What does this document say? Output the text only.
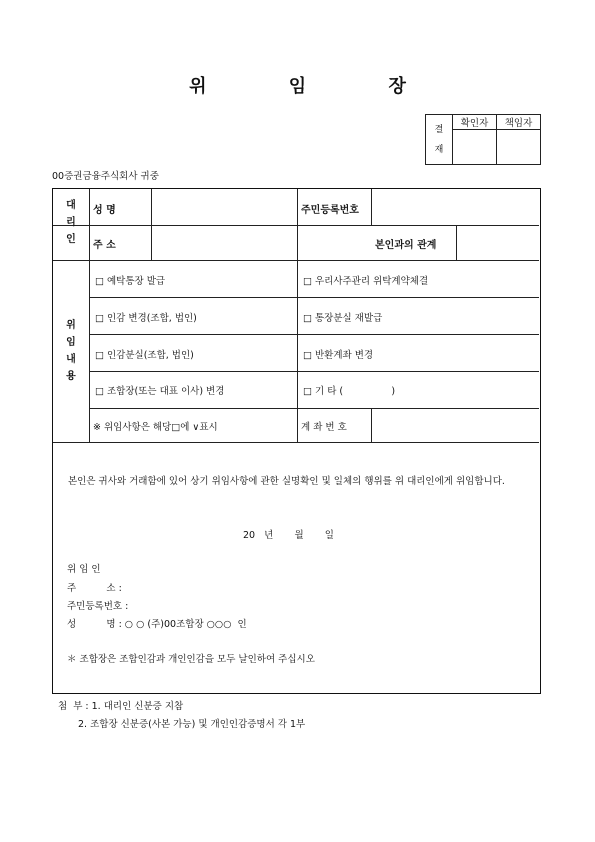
위 임 장
결
재	확인자	책임자

00증권금융주식회사 귀중
대
리
인
성 명	주민등록번호
주 소	본인과의 관계
위
임
내
용
□ 예탁통장 발급	□ 우리사주관리 위탁계약체결
□ 인감 변경(조합, 법인)	□ 통장분실 재발급
□ 인감분실(조합, 법인)	□ 반환계좌 변경
□ 조합장(또는 대표 이사) 변경	□ 기 타 (                )
※ 위임사항은 해당□에 ∨표시	계 좌 번 호
본인은 귀사와 거래함에 있어 상기 위임사항에 관한 실명확인 및 일체의 행위를 위 대리인에게 위임합니다.
20   년       월       일
위 임 인
주          소 :
주민등록번호 :
성          명 : ○ ○ (주)00조합장 ○○○  인
＊ 조합장은 조합인감과 개인인감을 모두 날인하여 주십시오
첨  부 : 1. 대리인 신분증 지참
2. 조합장 신분증(사본 가능) 및 개인인감증명서 각 1부
